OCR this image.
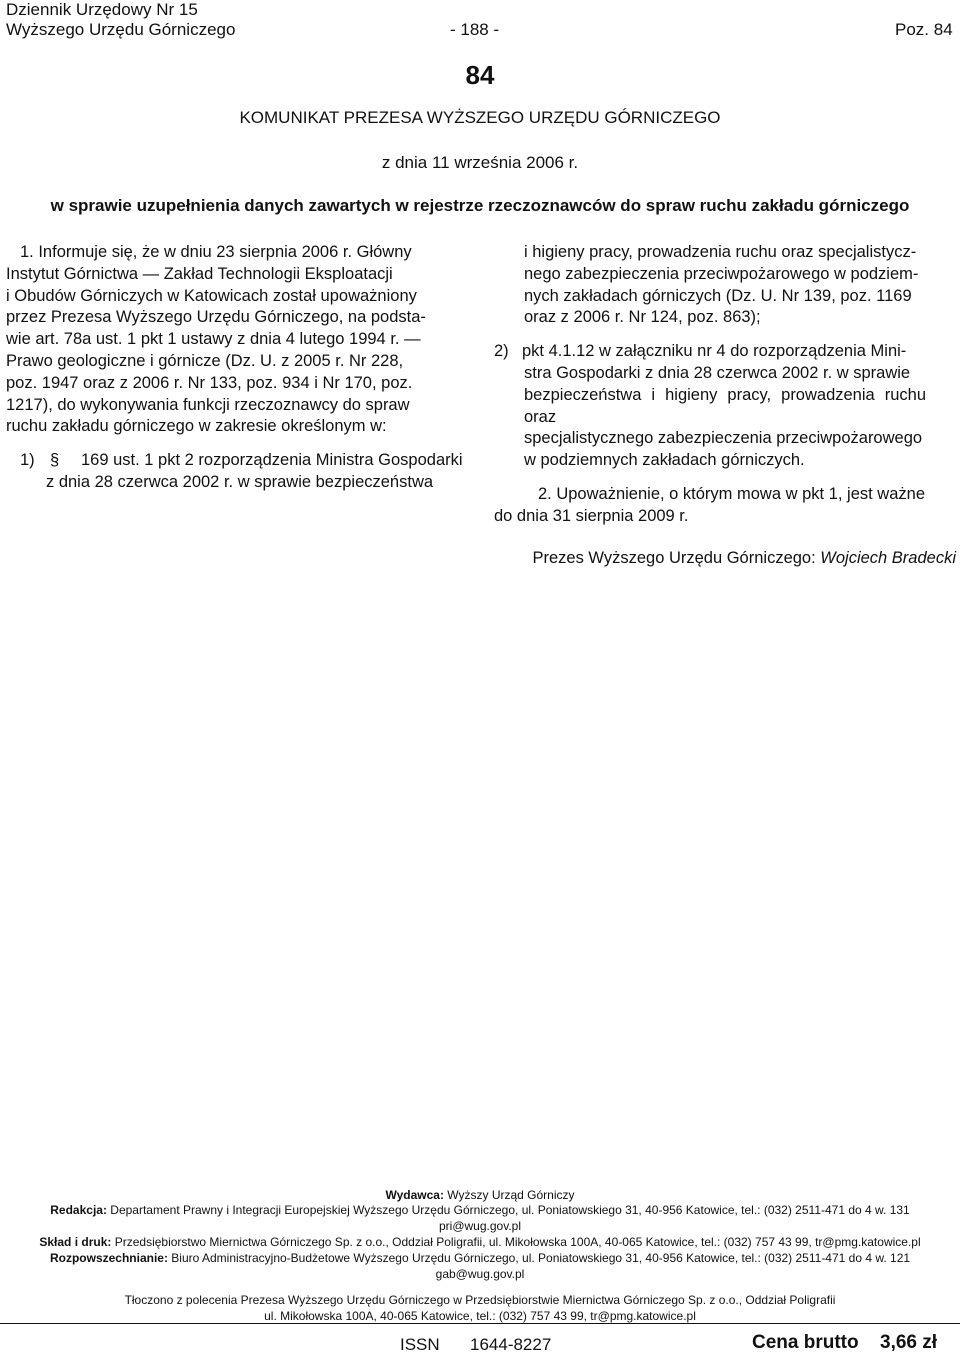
Dziennik Urzędowy Nr 15
Wyższego Urzędu Górniczego	- 188 -	Poz. 84
84
KOMUNIKAT PREZESA WYŻSZEGO URZĘDU GÓRNICZEGO
z dnia 11 września 2006 r.
w sprawie uzupełnienia danych zawartych w rejestrze rzeczoznawców do spraw ruchu zakładu górniczego
1. Informuje się, że w dniu 23 sierpnia 2006 r. Główny
Instytut Górnictwa — Zakład Technologii Eksploatacji
i Obudów Górniczych w Katowicach został upoważniony
przez Prezesa Wyższego Urzędu Górniczego, na podsta-
wie art. 78a ust. 1 pkt 1 ustawy z dnia 4 lutego 1994 r. —
Prawo geologiczne i górnicze (Dz. U. z 2005 r. Nr 228,
poz. 1947 oraz z 2006 r. Nr 133, poz. 934 i Nr 170, poz.
1217), do wykonywania funkcji rzeczoznawcy do spraw
ruchu zakładu górniczego w zakresie określonym w:
1) §	169 ust. 1 pkt 2 rozporządzenia Ministra Gospodarki
z dnia 28 czerwca 2002 r. w sprawie bezpieczeństwa
i higieny pracy, prowadzenia ruchu oraz specjalistycz-
nego zabezpieczenia przeciwpożarowego w podziem-
nych zakładach górniczych (Dz. U. Nr 139, poz. 1169
oraz z 2006 r. Nr 124, poz. 863);
2) pkt 4.1.12 w załączniku nr 4 do rozporządzenia Mini-
stra Gospodarki z dnia 28 czerwca 2002 r. w sprawie
bezpieczeństwa i higieny pracy, prowadzenia ruchu oraz
specjalistycznego zabezpieczenia przeciwpożarowego
w podziemnych zakładach górniczych.
2. Upoważnienie, o którym mowa w pkt 1, jest ważne
do dnia 31 sierpnia 2009 r.
Prezes Wyższego Urzędu Górniczego: Wojciech Bradecki
Wydawca: Wyższy Urząd Górniczy
Redakcja: Departament Prawny i Integracji Europejskiej Wyższego Urzędu Górniczego, ul. Poniatowskiego 31, 40-956 Katowice, tel.: (032) 2511-471 do 4 w. 131
pri@wug.gov.pl
Skład i druk: Przedsiębiorstwo Miernictwa Górniczego Sp. z o.o., Oddział Poligrafii, ul. Mikołowska 100A, 40-065 Katowice, tel.: (032) 757 43 99, tr@pmg.katowice.pl
Rozpowszechnianie: Biuro Administracyjno-Budżetowe Wyższego Urzędu Górniczego, ul. Poniatowskiego 31, 40-956 Katowice, tel.: (032) 2511-471 do 4 w. 121
gab@wug.gov.pl
Tłoczono z polecenia Prezesa Wyższego Urzędu Górniczego w Przedsiębiorstwie Miernictwa Górniczego Sp. z o.o., Oddział Poligrafii
ul. Mikołowska 100A, 40-065 Katowice, tel.: (032) 757 43 99, tr@pmg.katowice.pl
ISSN 1644-8227	Cena brutto 3,66 zł
